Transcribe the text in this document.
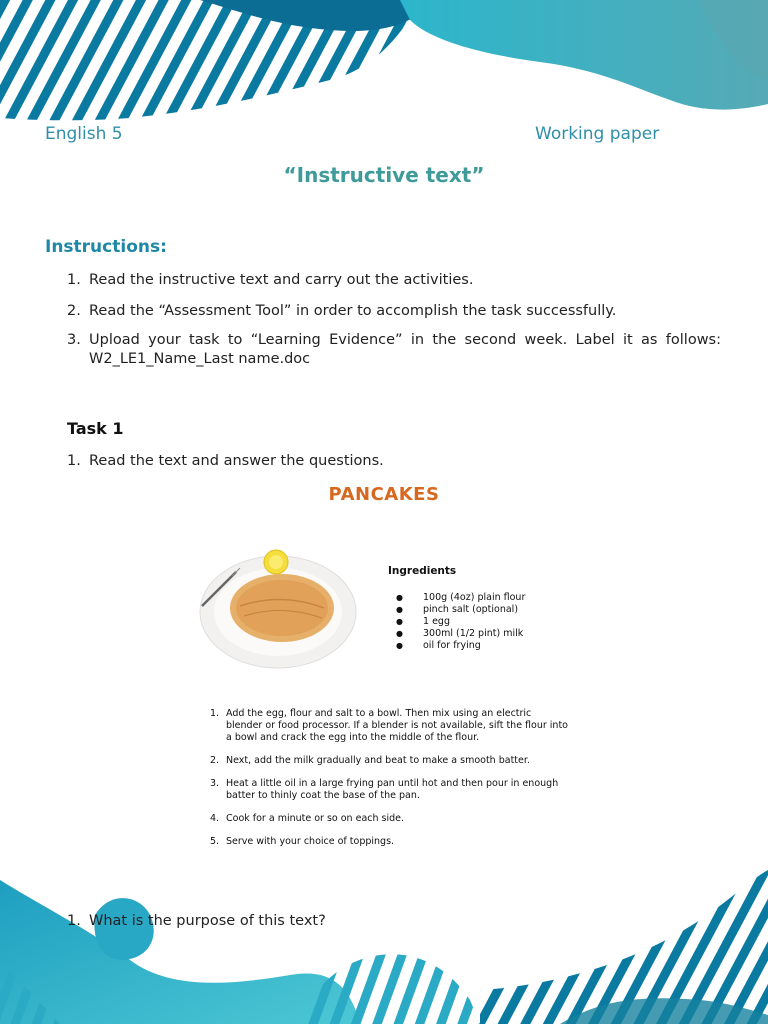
English 5	Working paper
“Instructive text”
Instructions:
1. Read the instructive text and carry out the activities.
2. Read the “Assessment Tool” in order to accomplish the task successfully.
3. Upload your task to “Learning Evidence” in the second week. Label it as follows: W2_LE1_Name_Last name.doc
Task 1
1. Read the text and answer the questions.
PANCAKES
Ingredients
●	100g (4oz) plain flour
●	pinch salt (optional)
●	1 egg
●	300ml (1/2 pint) milk
●	oil for frying
1. Add the egg, flour and salt to a bowl. Then mix using an electric blender or food processor. If a blender is not available, sift the flour into a bowl and crack the egg into the middle of the flour.
2. Next, add the milk gradually and beat to make a smooth batter.
3. Heat a little oil in a large frying pan until hot and then pour in enough batter to thinly coat the base of the pan.
4. Cook for a minute or so on each side.
5. Serve with your choice of toppings.
1. What is the purpose of this text?
